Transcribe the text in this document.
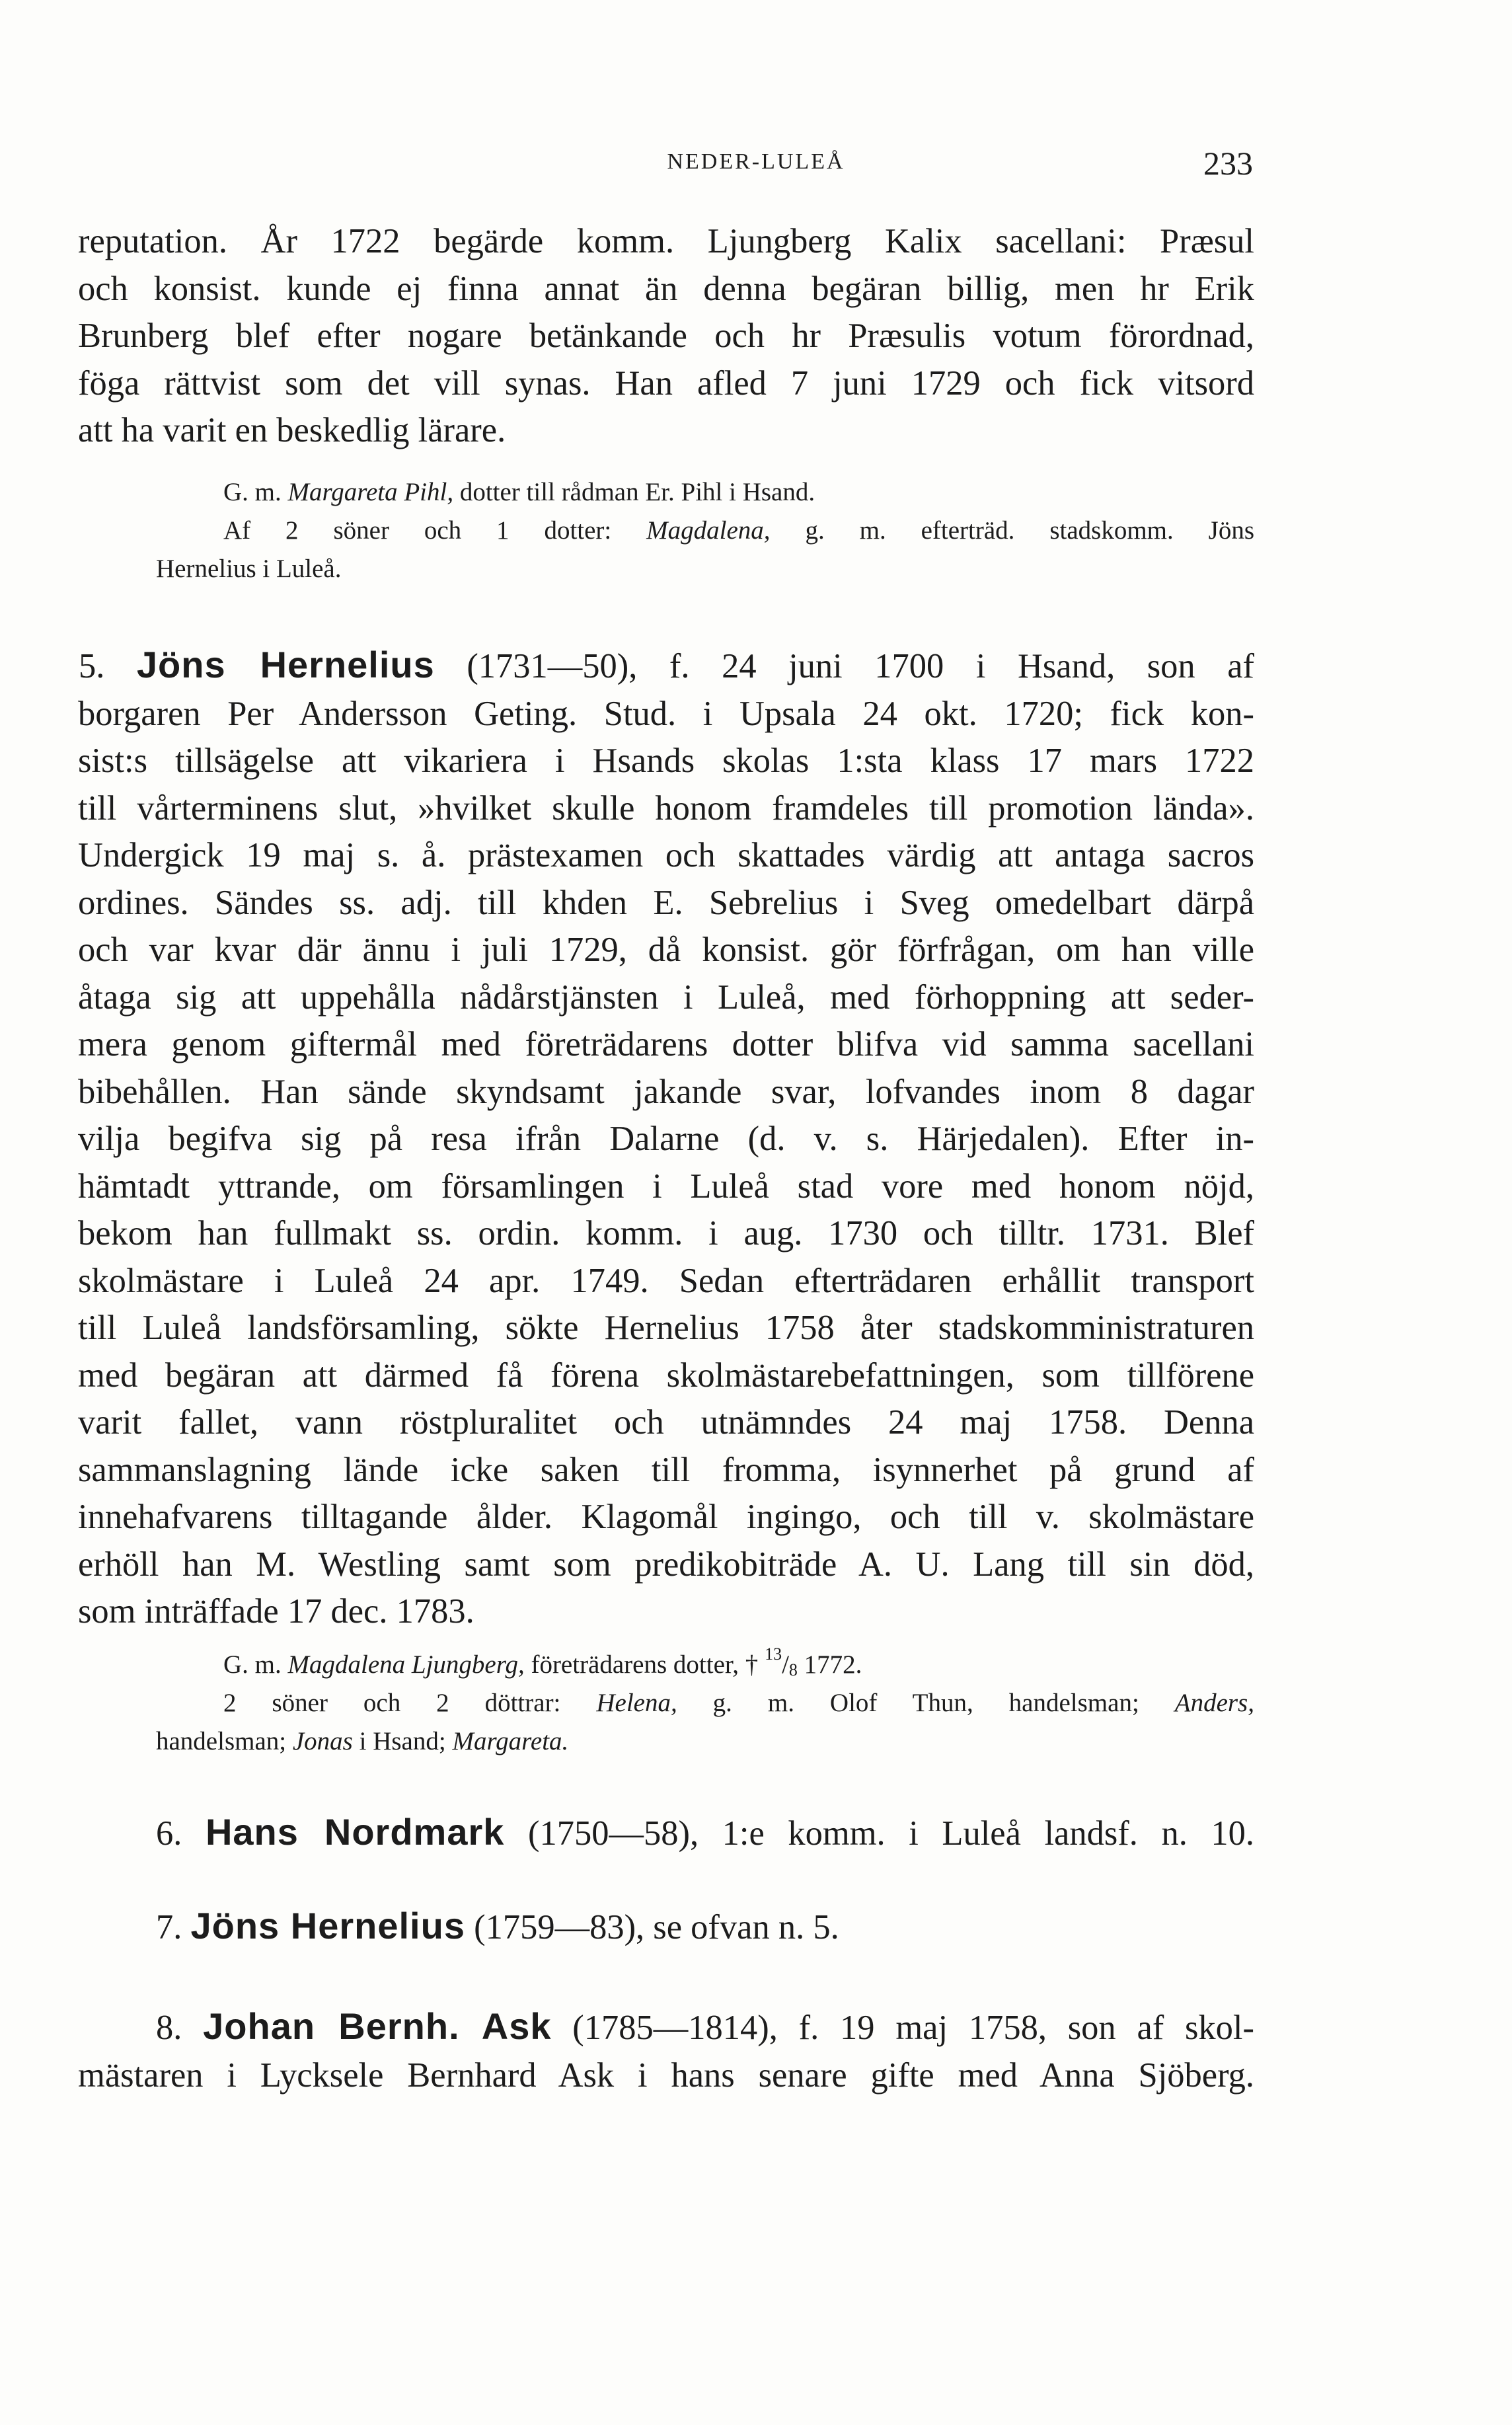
NEDER-LULEÅ	233
reputation. År 1722 begärde komm. Ljungberg Kalix sacellani: Præsul
och konsist. kunde ej finna annat än denna begäran billig, men hr Erik
Brunberg blef efter nogare betänkande och hr Præsulis votum förordnad,
föga rättvist som det vill synas. Han afled 7 juni 1729 och fick vitsord
att ha varit en beskedlig lärare.
G. m. Margareta Pihl, dotter till rådman Er. Pihl i Hsand.
Af 2 söner och 1 dotter: Magdalena, g. m. efterträd. stadskomm. Jöns
Hernelius i Luleå.
5. Jöns Hernelius (1731—50), f. 24 juni 1700 i Hsand, son af
borgaren Per Andersson Geting. Stud. i Upsala 24 okt. 1720; fick kon-
sist:s tillsägelse att vikariera i Hsands skolas 1:sta klass 17 mars 1722
till vårterminens slut, »hvilket skulle honom framdeles till promotion lända».
Undergick 19 maj s. å. prästexamen och skattades värdig att antaga sacros
ordines. Sändes ss. adj. till khden E. Sebrelius i Sveg omedelbart därpå
och var kvar där ännu i juli 1729, då konsist. gör förfrågan, om han ville
åtaga sig att uppehålla nådårstjänsten i Luleå, med förhoppning att seder-
mera genom giftermål med företrädarens dotter blifva vid samma sacellani
bibehållen. Han sände skyndsamt jakande svar, lofvandes inom 8 dagar
vilja begifva sig på resa ifrån Dalarne (d. v. s. Härjedalen). Efter in-
hämtadt yttrande, om församlingen i Luleå stad vore med honom nöjd,
bekom han fullmakt ss. ordin. komm. i aug. 1730 och tilltr. 1731. Blef
skolmästare i Luleå 24 apr. 1749. Sedan efterträdaren erhållit transport
till Luleå landsförsamling, sökte Hernelius 1758 åter stadskomministraturen
med begäran att därmed få förena skolmästarebefattningen, som tillförene
varit fallet, vann röstpluralitet och utnämndes 24 maj 1758. Denna
sammanslagning lände icke saken till fromma, isynnerhet på grund af
innehafvarens tilltagande ålder. Klagomål ingingo, och till v. skolmästare
erhöll han M. Westling samt som predikobiträde A. U. Lang till sin död,
som inträffade 17 dec. 1783.
G. m. Magdalena Ljungberg, företrädarens dotter, † $^{13}/_8$ 1772.
2 söner och 2 döttrar: Helena, g. m. Olof Thun, handelsman; Anders,
handelsman; Jonas i Hsand; Margareta.
6. Hans Nordmark (1750—58), 1:e komm. i Luleå landsf. n. 10.
7. Jöns Hernelius (1759—83), se ofvan n. 5.
8. Johan Bernh. Ask (1785—1814), f. 19 maj 1758, son af skol-
mästaren i Lycksele Bernhard Ask i hans senare gifte med Anna Sjöberg.
